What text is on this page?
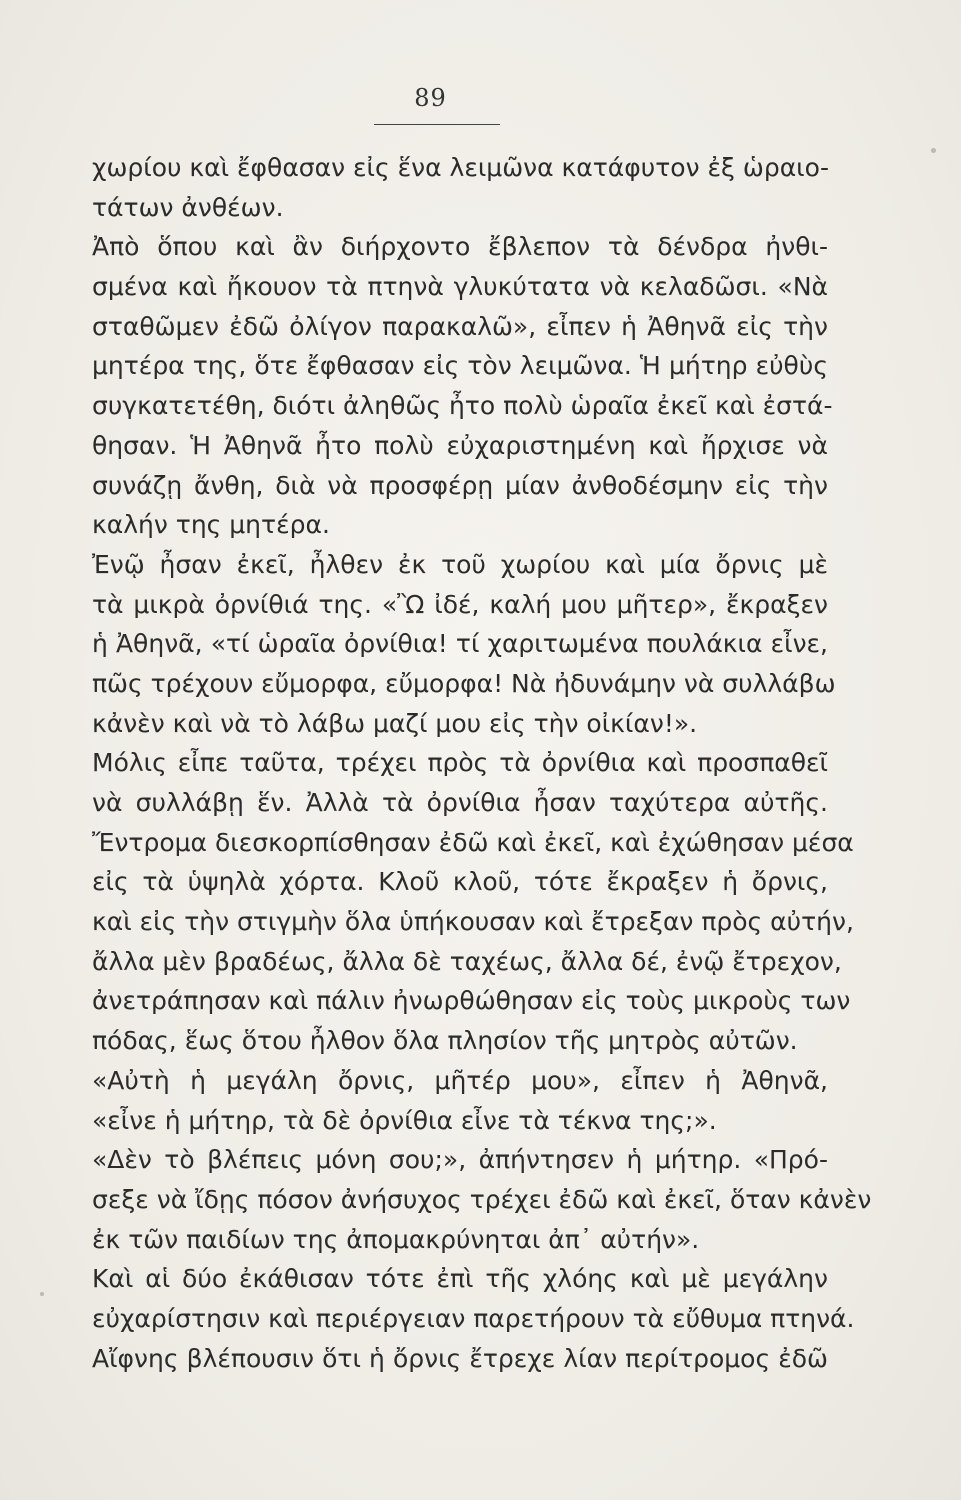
89
χωρίου καὶ ἔφθασαν εἰς ἕνα λειμῶνα κατάφυτον ἐξ ὡραιο-
τάτων ἀνθέων.
Ἀπὸ ὅπου καὶ ἂν διήρχοντο ἔβλεπον τὰ δένδρα ἠνθι-
σμένα καὶ ἤκουον τὰ πτηνὰ γλυκύτατα νὰ κελαδῶσι. «Νὰ
σταθῶμεν ἐδῶ ὀλίγον παρακαλῶ», εἶπεν ἡ Ἀθηνᾶ εἰς τὴν
μητέρα της, ὅτε ἔφθασαν εἰς τὸν λειμῶνα. Ἡ μήτηρ εὐθὺς
συγκατετέθη, διότι ἀληθῶς ἦτο πολὺ ὡραῖα ἐκεῖ καὶ ἐστά-
θησαν. Ἡ Ἀθηνᾶ ἦτο πολὺ εὐχαριστημένη καὶ ἤρχισε νὰ
συνάζῃ ἄνθη, διὰ νὰ προσφέρῃ μίαν ἀνθοδέσμην εἰς τὴν
καλήν της μητέρα.
Ἐνῷ ἦσαν ἐκεῖ, ἦλθεν ἐκ τοῦ χωρίου καὶ μία ὄρνις μὲ
τὰ μικρὰ ὀρνίθιά της. «Ὢ ἰδέ, καλή μου μῆτερ», ἔκραξεν
ἡ Ἀθηνᾶ, «τί ὡραῖα ὀρνίθια! τί χαριτωμένα πουλάκια εἶνε,
πῶς τρέχουν εὔμορφα, εὔμορφα! Νὰ ἠδυνάμην νὰ συλλάβω
κἀνὲν καὶ νὰ τὸ λάβω μαζί μου εἰς τὴν οἰκίαν!».
Μόλις εἶπε ταῦτα, τρέχει πρὸς τὰ ὀρνίθια καὶ προσπαθεῖ
νὰ συλλάβῃ ἕν. Ἀλλὰ τὰ ὀρνίθια ἦσαν ταχύτερα αὐτῆς.
Ἔντρομα διεσκορπίσθησαν ἐδῶ καὶ ἐκεῖ, καὶ ἐχώθησαν μέσα
εἰς τὰ ὑψηλὰ χόρτα. Κλοῦ κλοῦ, τότε ἔκραξεν ἡ ὄρνις,
καὶ εἰς τὴν στιγμὴν ὅλα ὑπήκουσαν καὶ ἔτρεξαν πρὸς αὐτήν,
ἄλλα μὲν βραδέως, ἄλλα δὲ ταχέως, ἄλλα δέ, ἐνῷ ἔτρεχον,
ἀνετράπησαν καὶ πάλιν ἠνωρθώθησαν εἰς τοὺς μικροὺς των
πόδας, ἕως ὅτου ἦλθον ὅλα πλησίον τῆς μητρὸς αὐτῶν.
«Αὐτὴ ἡ μεγάλη ὄρνις, μῆτέρ μου», εἶπεν ἡ Ἀθηνᾶ,
«εἶνε ἡ μήτηρ, τὰ δὲ ὀρνίθια εἶνε τὰ τέκνα της;».
«Δὲν τὸ βλέπεις μόνη σου;», ἀπήντησεν ἡ μήτηρ. «Πρό-
σεξε νὰ ἴδῃς πόσον ἀνήσυχος τρέχει ἐδῶ καὶ ἐκεῖ, ὅταν κἀνὲν
ἐκ τῶν παιδίων της ἀπομακρύνηται ἀπ᾿ αὐτήν».
Καὶ αἱ δύο ἐκάθισαν τότε ἐπὶ τῆς χλόης καὶ μὲ μεγάλην
εὐχαρίστησιν καὶ περιέργειαν παρετήρουν τὰ εὔθυμα πτηνά.
Αἴφνης βλέπουσιν ὅτι ἡ ὄρνις ἔτρεχε λίαν περίτρομος ἐδῶ
